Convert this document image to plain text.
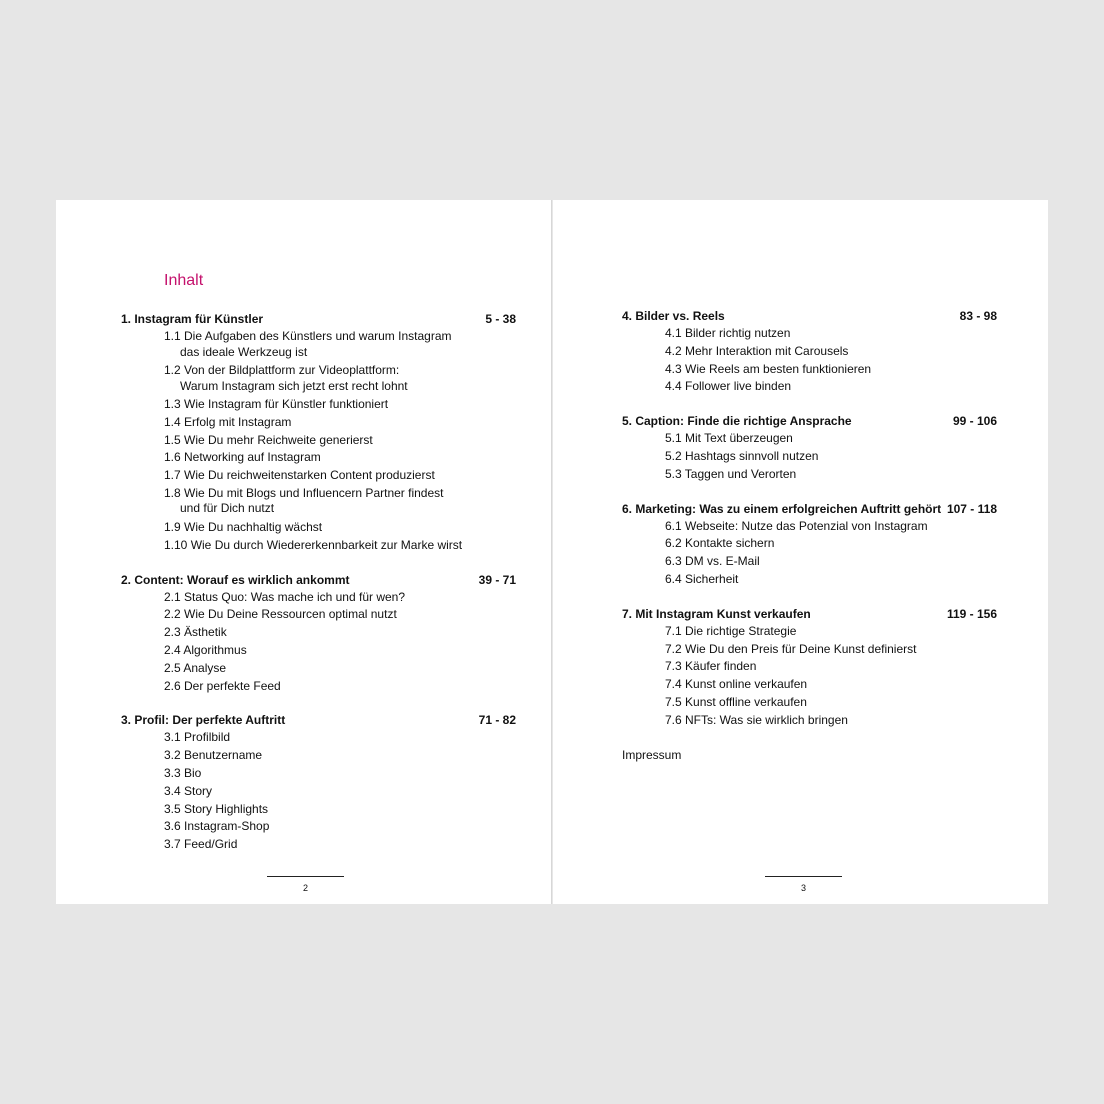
Inhalt
1. Instagram für Künstler	5 - 38
1.1 Die Aufgaben des Künstlers und warum Instagram
das ideale Werkzeug ist
1.2 Von der Bildplattform zur Videoplattform:
Warum Instagram sich jetzt erst recht lohnt
1.3 Wie Instagram für Künstler funktioniert
1.4 Erfolg mit Instagram
1.5 Wie Du mehr Reichweite generierst
1.6 Networking auf Instagram
1.7 Wie Du reichweitenstarken Content produzierst
1.8 Wie Du mit Blogs und Influencern Partner findest
und für Dich nutzt
1.9 Wie Du nachhaltig wächst
1.10 Wie Du durch Wiedererkennbarkeit zur Marke wirst
2. Content: Worauf es wirklich ankommt	39 - 71
2.1 Status Quo: Was mache ich und für wen?
2.2 Wie Du Deine Ressourcen optimal nutzt
2.3 Ästhetik
2.4 Algorithmus
2.5 Analyse
2.6 Der perfekte Feed
3. Profil: Der perfekte Auftritt	71 - 82
3.1 Profilbild
3.2 Benutzername
3.3 Bio
3.4 Story
3.5 Story Highlights
3.6 Instagram-Shop
3.7 Feed/Grid
2
4. Bilder vs. Reels	83 - 98
4.1 Bilder richtig nutzen
4.2 Mehr Interaktion mit Carousels
4.3 Wie Reels am besten funktionieren
4.4 Follower live binden
5. Caption: Finde die richtige Ansprache	99 - 106
5.1 Mit Text überzeugen
5.2 Hashtags sinnvoll nutzen
5.3 Taggen und Verorten
6. Marketing: Was zu einem erfolgreichen Auftritt gehört 107 - 118
6.1 Webseite: Nutze das Potenzial von Instagram
6.2 Kontakte sichern
6.3 DM vs. E-Mail
6.4 Sicherheit
7. Mit Instagram Kunst verkaufen	119 - 156
7.1 Die richtige Strategie
7.2 Wie Du den Preis für Deine Kunst definierst
7.3 Käufer finden
7.4 Kunst online verkaufen
7.5 Kunst offline verkaufen
7.6 NFTs: Was sie wirklich bringen

Impressum

3
